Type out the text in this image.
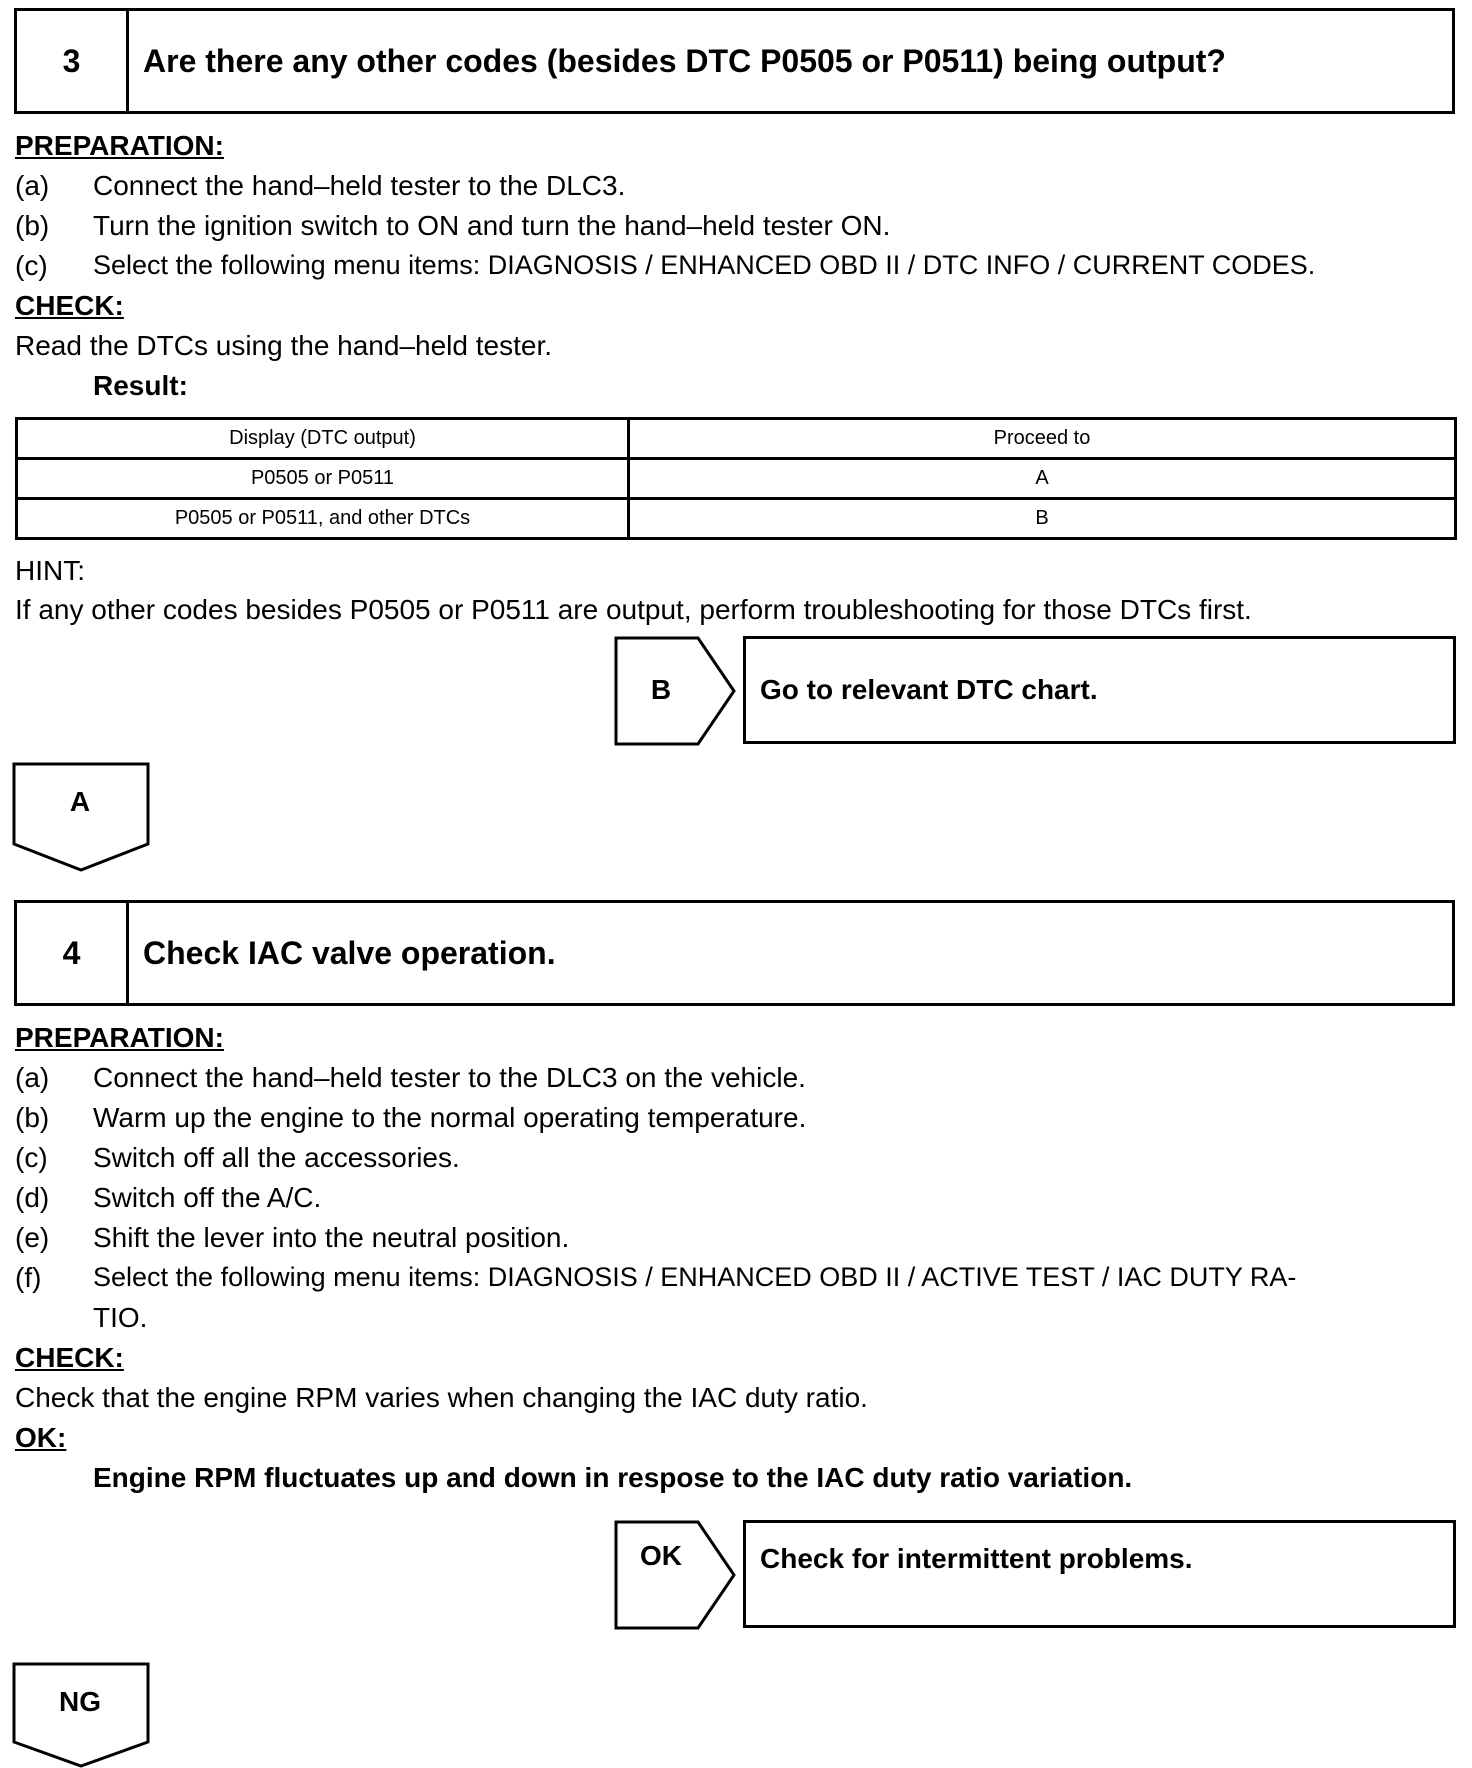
3	Are there any other codes (besides DTC P0505 or P0511) being output?
PREPARATION:
(a) Connect the hand–held tester to the DLC3.
(b) Turn the ignition switch to ON and turn the hand–held tester ON.
(c) Select the following menu items: DIAGNOSIS / ENHANCED OBD II / DTC INFO / CURRENT CODES.
CHECK:
Read the DTCs using the hand–held tester.
Result:
Display (DTC output)	Proceed to
P0505 or P0511	A
P0505 or P0511, and other DTCs	B
HINT:
If any other codes besides P0505 or P0511 are output, perform troubleshooting for those DTCs first.
B	Go to relevant DTC chart.
A
4	Check IAC valve operation.
PREPARATION:
(a) Connect the hand–held tester to the DLC3 on the vehicle.
(b) Warm up the engine to the normal operating temperature.
(c) Switch off all the accessories.
(d) Switch off the A/C.
(e) Shift the lever into the neutral position.
(f) Select the following menu items: DIAGNOSIS / ENHANCED OBD II / ACTIVE TEST / IAC DUTY RA-
TIO.
CHECK:
Check that the engine RPM varies when changing the IAC duty ratio.
OK:
Engine RPM fluctuates up and down in respose to the IAC duty ratio variation.
OK	Check for intermittent problems.
NG
